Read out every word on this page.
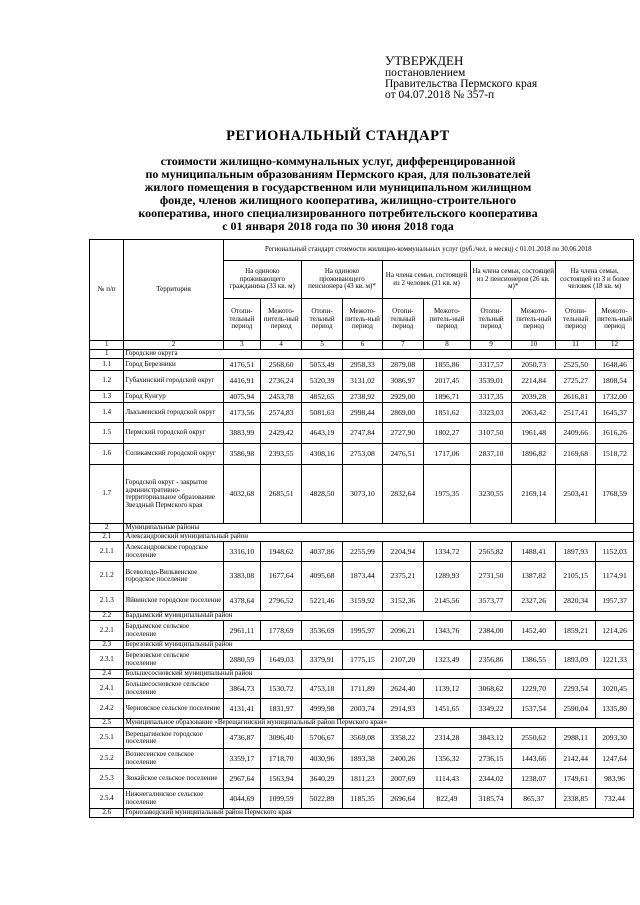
УТВЕРЖДЕН
постановлением
Правительства Пермского края
от 04.07.2018 № 357-п
РЕГИОНАЛЬНЫЙ СТАНДАРТ
стоимости жилищно-коммунальных услуг, дифференцированной
по муниципальным образованиям Пермского края, для пользователей
жилого помещения в государственном или муниципальном жилищном
фонде, членов жилищного кооператива, жилищно-строительного
кооператива, иного специализированного потребительского кооператива
с 01 января 2018 года по 30 июня 2018 года
№ п/п	Территория	Региональный стандарт стоимости жилищно-коммунальных услуг (руб./чел. в месяц) с 01.01.2018 по 30.06.2018									
		На одиноко проживающего гражданина (33 кв. м)		На одиноко проживающего пенсионера (43 кв. м)*		На члена семьи, состоящей из 2 человек (21 кв. м)		На члена семьи, состоящей из 2 пенсионеров (26 кв. м)*		На члена семьи, состоящей из 3 и более человек (18 кв. м)	
		Отопи-тельный период	Межото-питель-ный период	Отопи-тельный период	Межото-питель-ный период	Отопи-тельный период	Межото-питель-ный период	Отопи-тельный период	Межото-питель-ный период	Отопи-тельный период	Межото-питель-ный период
1	2	3	4	5	6	7	8	9	10	11	12
1	Городские округа										
1.1	Город Березники	4176,51	2568,60	5053,49	2958,33	2879,08	1855,86	3317,57	2050,73	2525,50	1648,46
1.2	Губахинский городской округ	4416,91	2736,24	5320,39	3131,02	3086,97	2017,45	3539,01	2214,84	2725,27	1808,54
1.3	Город Кунгур	4075,94	2453,78	4852,65	2738,92	2929,00	1896,71	3317,35	2039,28	2616,81	1732,00
1.4	Лысьвенский городской округ	4173,56	2574,83	5081,63	2998,44	2869,00	1851,62	3323,03	2063,42	2517,41	1645,37
1.5	Пермский городской округ	3883,99	2429,42	4643,19	2747,84	2727,90	1802,27	3107,50	1961,48	2409,66	1616,26
1.6	Соликамский городской округ	3586,98	2393,55	4308,16	2753,08	2476,51	1717,06	2837,10	1896,82	2169,68	1518,72
1.7	Городской округ - закрытое административно-территориальное образование Звездный Пермского края	4032,68	2685,51	4828,50	3073,10	2832,64	1975,35	3230,55	2169,14	2503,41	1768,59
2	Муниципальные районы										
2.1	Александровский муниципальный район										
2.1.1	Александровское городское поселение	3316,10	1948,62	4037,86	2255,99	2204,94	1334,72	2565,82	1488,41	1897,93	1152,03
2.1.2	Всеволодо-Вильвенское городское поселение	3383,08	1677,64	4095,68	1873,44	2375,21	1289,93	2731,50	1387,82	2105,15	1174,91
2.1.3	Яйвинское городское поселение	4378,64	2796,52	5221,46	3159,92	3152,36	2145,56	3573,77	2327,26	2820,34	1957,37
2.2	Бардымский муниципальный район										
2.2.1	Бардымское сельское поселение	2961,11	1778,69	3536,69	1995,97	2096,21	1343,76	2384,00	1452,40	1859,21	1214,26
2.3	Березовский муниципальный район										
2.3.1	Березовское сельское поселение	2880,59	1649,03	3379,91	1775,15	2107,20	1323,49	2356,86	1386,55	1893,09	1221,33
2.4	Большесосновский муниципальный район										
2.4.1	Большесосновское сельское поселение	3864,73	1530,72	4753,18	1711,89	2624,40	1139,12	3068,62	1229,70	2293,54	1020,45
2.4.2	Черновское сельское поселение	4131,41	1831,97	4999,98	2003,74	2914,93	1451,65	3349,22	1537,54	2590,04	1335,80
2.5	Муниципальное образование «Верещагинский муниципальный район Пермского края»										
2.5.1	Верещагинское городское поселение	4736,87	3096,40	5706,67	3569,08	3358,22	2314,28	3843,12	2550,62	2988,11	2093,30
2.5.2	Вознесенское сельское поселение	3359,17	1718,70	4030,96	1893,38	2400,26	1356,32	2736,15	1443,66	2142,44	1247,64
2.5.3	Зюкайское сельское поселение	2967,64	1563,94	3640,29	1811,23	2007,69	1114,43	2344,02	1238,07	1749,61	983,96
2.5.4	Нижнегалинское сельское поселение	4044,69	1099,59	5022,89	1185,35	2696,64	822,49	3185,74	865,37	2338,85	732,44
2.6	Горнозаводский муниципальный район Пермского края										
